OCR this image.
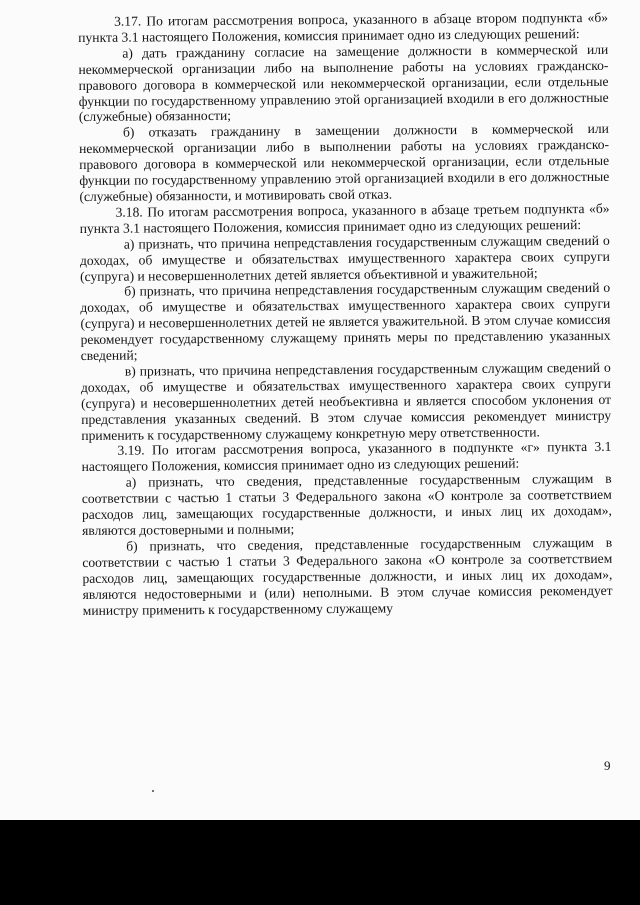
3.17. По итогам рассмотрения вопроса, указанного в абзаце втором подпункта «б» пункта 3.1 настоящего Положения, комиссия принимает одно из следующих решений:

а) дать гражданину согласие на замещение должности в коммерческой или некоммерческой организации либо на выполнение работы на условиях гражданско-правового договора в коммерческой или некоммерческой организации, если отдельные функции по государственному управлению этой организацией входили в его должностные (служебные) обязанности;

б) отказать гражданину в замещении должности в коммерческой или некоммерческой организации либо в выполнении работы на условиях гражданско-правового договора в коммерческой или некоммерческой организации, если отдельные функции по государственному управлению этой организацией входили в его должностные (служебные) обязанности, и мотивировать свой отказ.

3.18. По итогам рассмотрения вопроса, указанного в абзаце третьем подпункта «б» пункта 3.1 настоящего Положения, комиссия принимает одно из следующих решений:

а) признать, что причина непредставления государственным служащим сведений о доходах, об имуществе и обязательствах имущественного характера своих супруги (супруга) и несовершеннолетних детей является объективной и уважительной;

б) признать, что причина непредставления государственным служащим сведений о доходах, об имуществе и обязательствах имущественного характера своих супруги (супруга) и несовершеннолетних детей не является уважительной. В этом случае комиссия рекомендует государственному служащему принять меры по представлению указанных сведений;

в) признать, что причина непредставления государственным служащим сведений о доходах, об имуществе и обязательствах имущественного характера своих супруги (супруга) и несовершеннолетних детей необъективна и является способом уклонения от представления указанных сведений. В этом случае комиссия рекомендует министру применить к государственному служащему конкретную меру ответственности.

3.19. По итогам рассмотрения вопроса, указанного в подпункте «г» пункта 3.1 настоящего Положения, комиссия принимает одно из следующих решений:

а) признать, что сведения, представленные государственным служащим в соответствии с частью 1 статьи 3 Федерального закона «О контроле за соответствием расходов лиц, замещающих государственные должности, и иных лиц их доходам», являются достоверными и полными;

б) признать, что сведения, представленные государственным служащим в соответствии с частью 1 статьи 3 Федерального закона «О контроле за соответствием расходов лиц, замещающих государственные должности, и иных лиц их доходам», являются недостоверными и (или) неполными. В этом случае комиссия рекомендует министру применить к государственному служащему

9
